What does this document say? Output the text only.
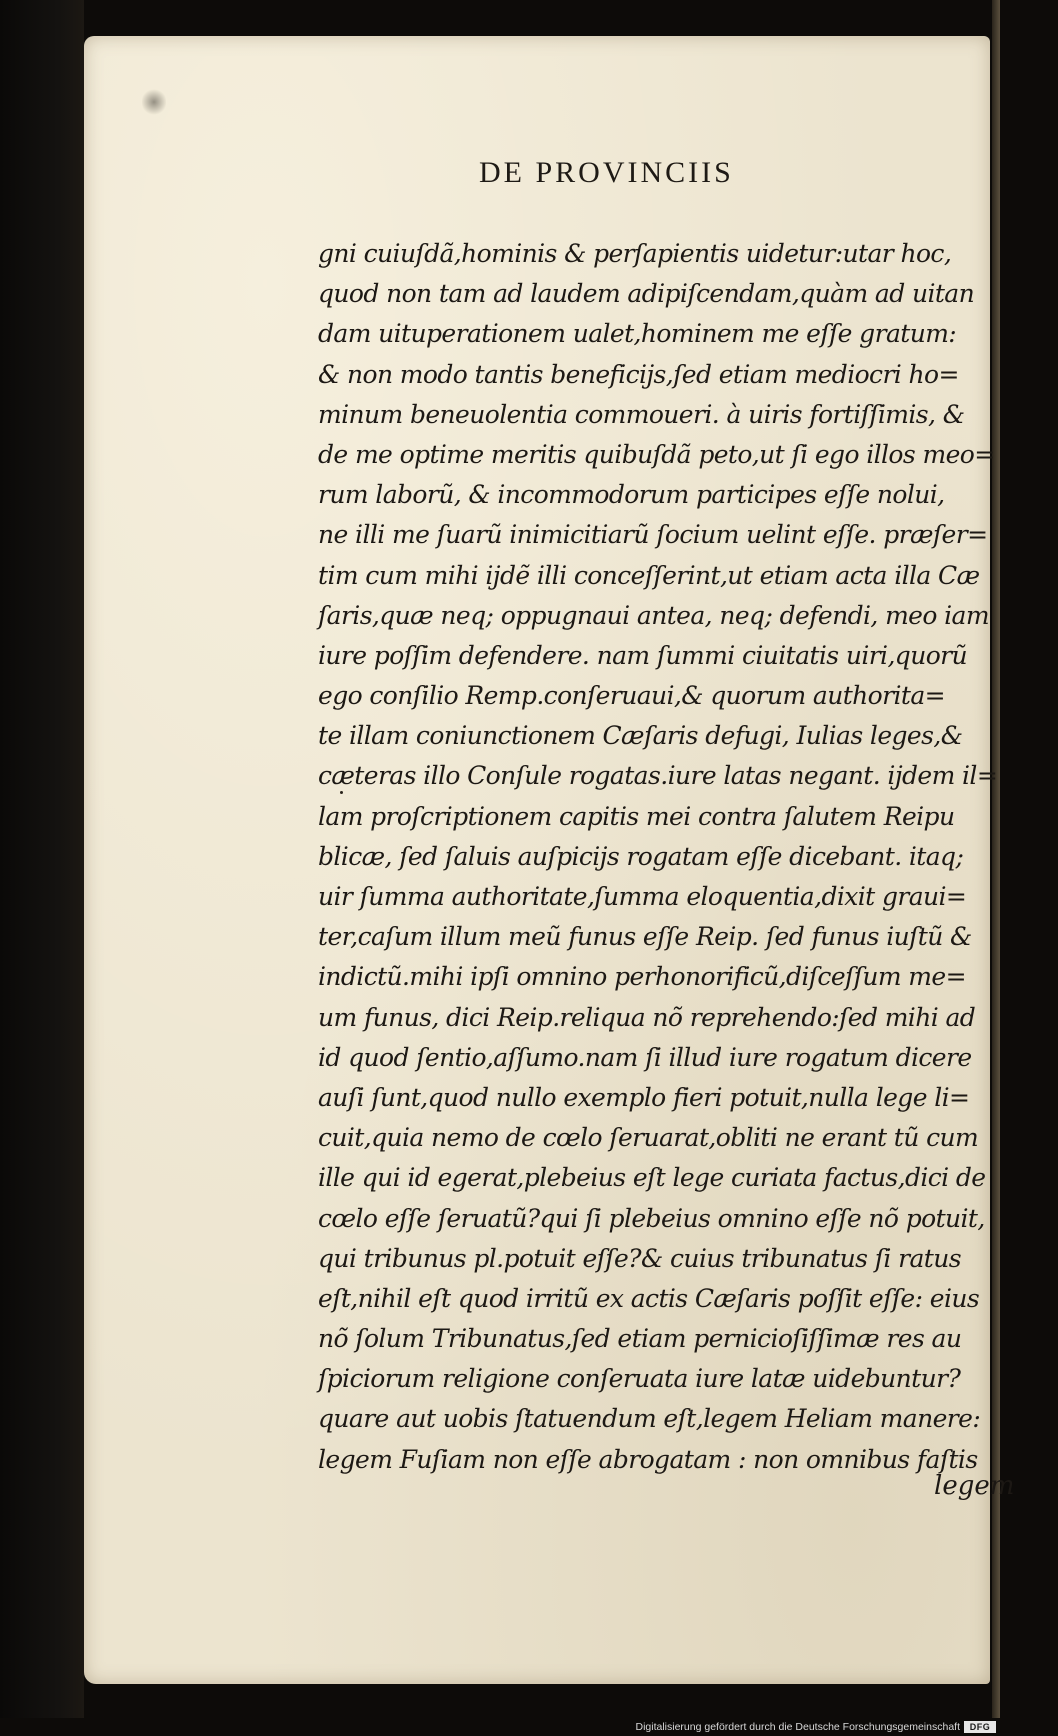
DE PROVINCIIS
gni cuiuſdã,hominis & perſapientis uidetur:utar hoc,
quod non tam ad laudem adipiſcendam,quàm ad uitan
dam uituperationem ualet,hominem me eſſe gratum:
& non modo tantis beneficijs,ſed etiam mediocri ho=
minum beneuolentia commoueri. à uiris fortiſſimis, &
de me optime meritis quibuſdã peto,ut ſi ego illos meo=
rum laborũ, & incommodorum participes eſſe nolui,
ne illi me ſuarũ inimicitiarũ ſocium uelint eſſe. præſer=
tim cum mihi ijdẽ illi conceſſerint,ut etiam acta illa Cæ
ſaris,quæ neq; oppugnaui antea, neq; defendi, meo iam
iure poſſim defendere. nam ſummi ciuitatis uiri,quorũ
ego conſilio Remp.conſeruaui,& quorum authorita=
te illam coniunctionem Cæſaris defugi, Iulias leges,&
cæteras illo Conſule rogatas.iure latas negant. ijdem il=
lam proſcriptionem capitis mei contra ſalutem Reipu
blicæ, ſed ſaluis auſpicijs rogatam eſſe dicebant. itaq;
uir ſumma authoritate,ſumma eloquentia,dixit graui=
ter,caſum illum meũ funus eſſe Reip. ſed funus iuſtũ &
indictũ.mihi ipſi omnino perhonorificũ,diſceſſum me=
um funus, dici Reip.reliqua nõ reprehendo:ſed mihi ad
id quod ſentio,aſſumo.nam ſi illud iure rogatum dicere
auſi ſunt,quod nullo exemplo fieri potuit,nulla lege li=
cuit,quia nemo de cœlo ſeruarat,obliti ne erant tũ cum
ille qui id egerat,plebeius eſt lege curiata factus,dici de
cœlo eſſe ſeruatũ?qui ſi plebeius omnino eſſe nõ potuit,
qui tribunus pl.potuit eſſe?& cuius tribunatus ſi ratus
eſt,nihil eſt quod irritũ ex actis Cæſaris poſſit eſſe: eius
nõ ſolum Tribunatus,ſed etiam pernicioſiſſimæ res au
ſpiciorum religione conſeruata iure latæ uidebuntur?
quare aut uobis ſtatuendum eſt,legem Heliam manere:
legem Fuſiam non eſſe abrogatam : non omnibus faſtis
legem
Digitalisierung gefördert durch die Deutsche Forschungsgemeinschaft	DFG
